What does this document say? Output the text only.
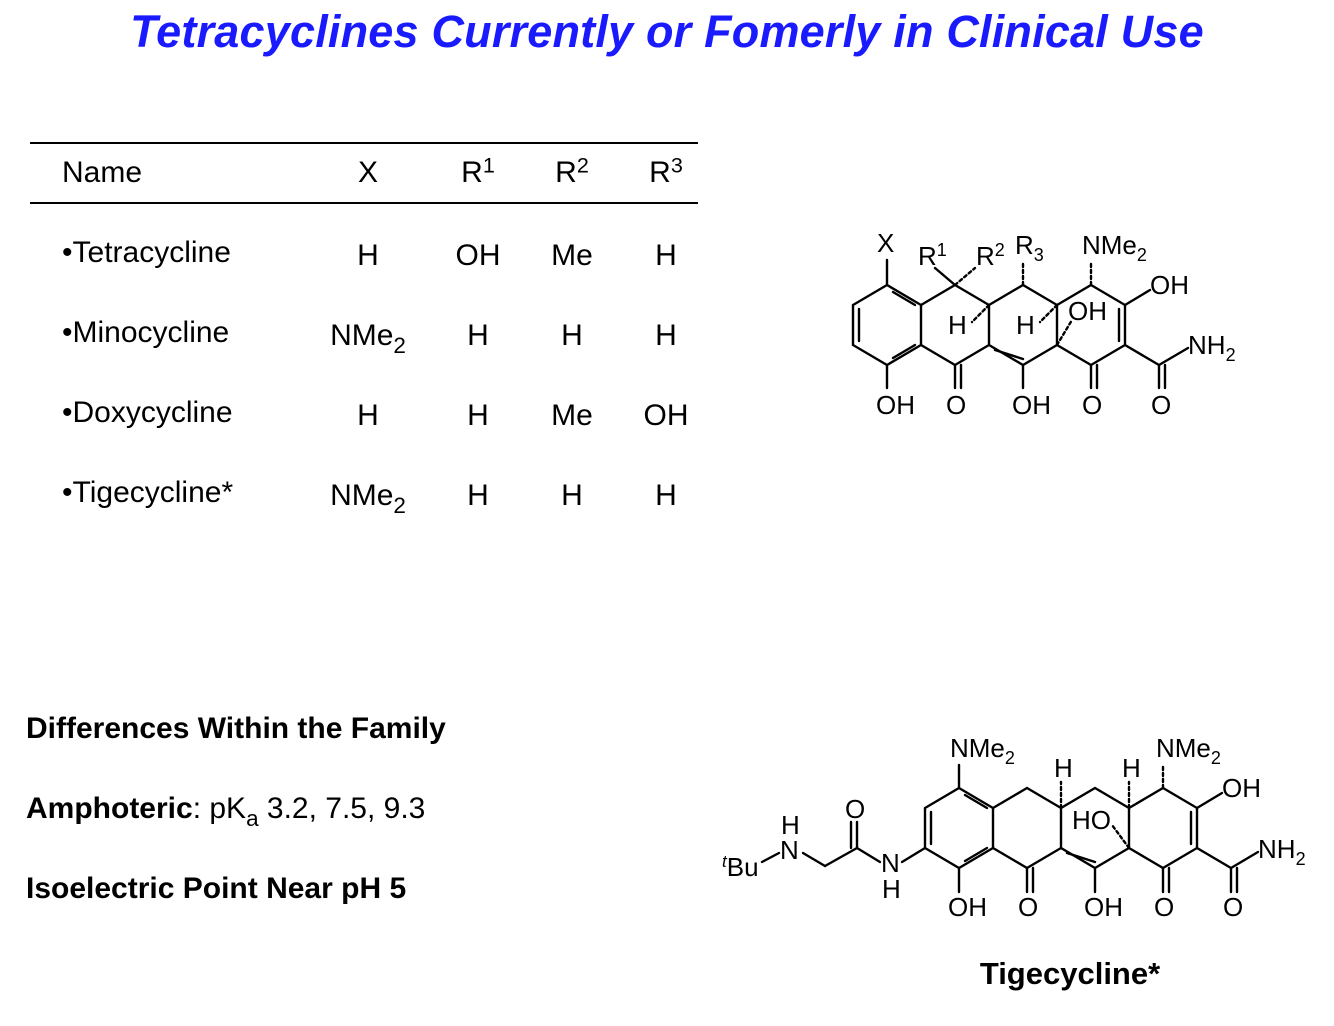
Tetracyclines Currently or Fomerly in Clinical Use
Name	X	$R^1$	$R^2$	$R^3$
•Tetracycline	H	OH	Me	H
•Minocycline	NMe$_2$	H	H	H
•Doxycycline	H	H	Me	OH
•Tigecycline*	NMe$_2$	H	H	H
Differences Within the Family
Amphoteric: $pK_a$ 3.2, 7.5, 9.3
Isoelectric Point Near pH 5
X $R^1$ $R^2$ $R_3$ NMe$_2$
OH
H H OH
$NH_2$
OH O OH O O
NMe$_2$	NMe$_2$
H H
OH
HO
$NH_2$
OH O OH O O
O
N
H
N
H
$^t$Bu
Tigecycline*
